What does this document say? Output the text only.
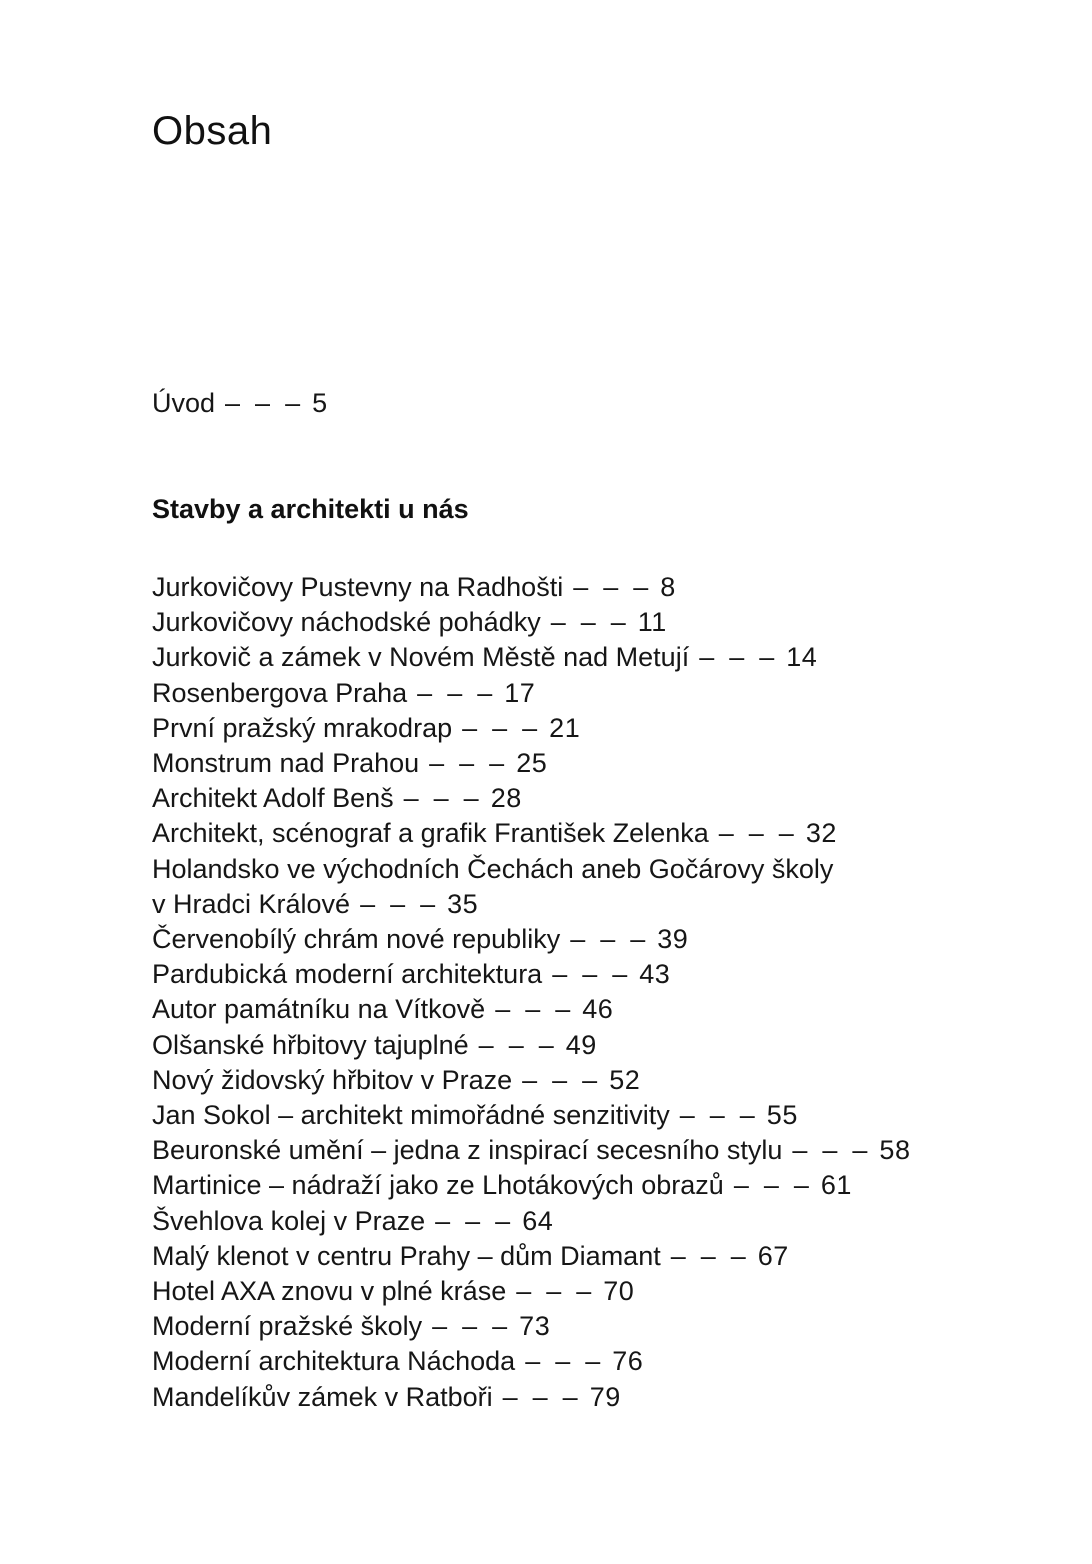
Obsah
Úvod –  –  – 5
Stavby a architekti u nás
Jurkovičovy Pustevny na Radhošti –  –  – 8
Jurkovičovy náchodské pohádky –  –  – 11
Jurkovič a zámek v Novém Městě nad Metují –  –  – 14
Rosenbergova Praha –  –  – 17
První pražský mrakodrap –  –  – 21
Monstrum nad Prahou –  –  – 25
Architekt Adolf Benš –  –  – 28
Architekt, scénograf a grafik František Zelenka –  –  – 32
Holandsko ve východních Čechách aneb Gočárovy školy
v Hradci Králové –  –  – 35
Červenobílý chrám nové republiky –  –  – 39
Pardubická moderní architektura –  –  – 43
Autor památníku na Vítkově –  –  – 46
Olšanské hřbitovy tajuplné –  –  – 49
Nový židovský hřbitov v Praze –  –  – 52
Jan Sokol – architekt mimořádné senzitivity –  –  – 55
Beuronské umění – jedna z inspirací secesního stylu –  –  – 58
Martinice – nádraží jako ze Lhotákových obrazů –  –  – 61
Švehlova kolej v Praze –  –  – 64
Malý klenot v centru Prahy – dům Diamant –  –  – 67
Hotel AXA znovu v plné kráse –  –  – 70
Moderní pražské školy –  –  – 73
Moderní architektura Náchoda –  –  – 76
Mandelíkův zámek v Ratboři –  –  – 79
